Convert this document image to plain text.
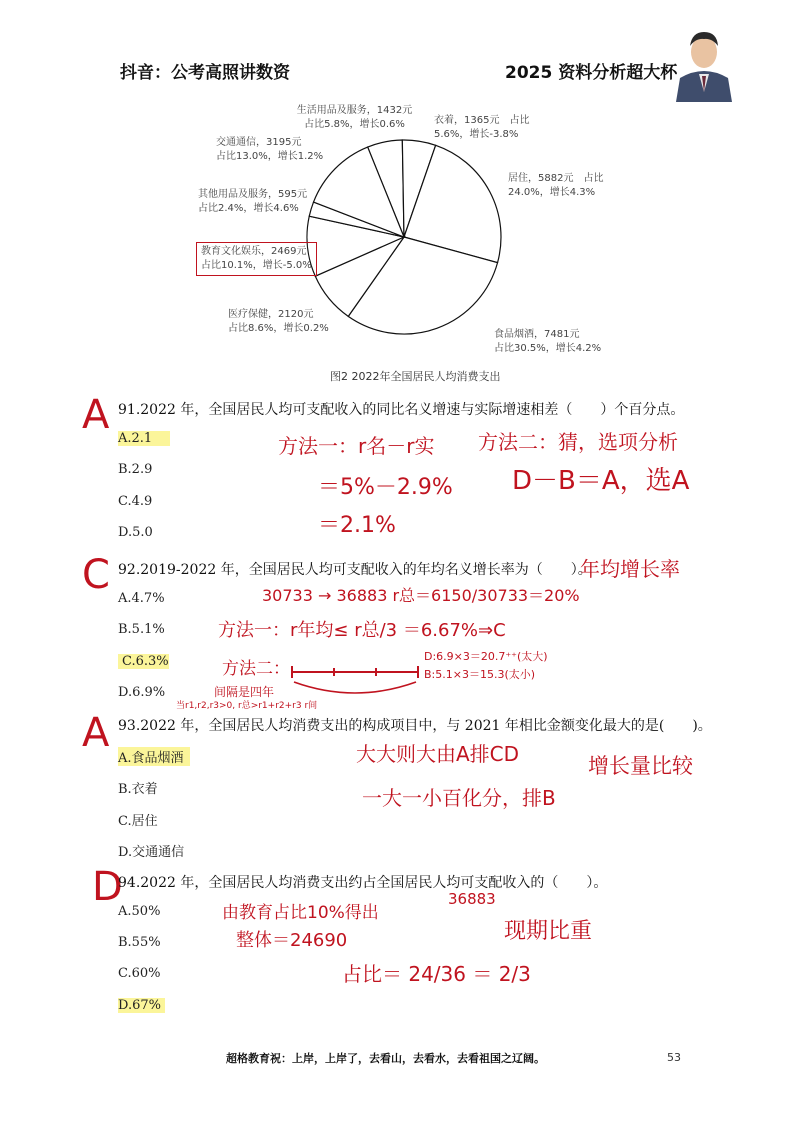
抖音：公考高照讲数资	2025 资料分析超大杯
生活用品及服务，1432元
占比5.8%，增长0.6%	衣着，1365元　占比
5.6%，增长-3.8%
交通通信，3195元
占比13.0%，增长1.2%
居住，5882元　占比
24.0%，增长4.3%
其他用品及服务，595元
占比2.4%，增长4.6%
教育文化娱乐，2469元
占比10.1%，增长-5.0%
医疗保健，2120元
占比8.6%，增长0.2%
食品烟酒，7481元
占比30.5%，增长4.2%
图2 2022年全国居民人均消费支出
A 91.2022 年，全国居民人均可支配收入的同比名义增速与实际增速相差（　　）个百分点。
A.2.1
B.2.9
C.4.9
D.5.0
方法一：r名－r实 方法二：猜，选项分析
＝5%－2.9% D－B＝A，选A
＝2.1%
C 92.2019-2022 年，全国居民人均可支配收入的年均名义增长率为（　　）。
年均增长率
A.4.7%
B.5.1%
C.6.3%
D.6.9%
30733 → 36883 r总＝6150/30733＝20%
方法一：r年均≤ r总/3 ＝6.67%⇒C
方法二：
D:6.9×3＝20.7⁺⁺(太大)
B:5.1×3＝15.3(太小)
间隔是四年
当r1,r2,r3>0, r总>r1+r2+r3 r间
A 93.2022 年，全国居民人均消费支出的构成项目中，与 2021 年相比金额变化最大的是(　　)。
A.食品烟酒
B.衣着
C.居住
D.交通通信
大大则大由A排CD	增长量比较
一大一小百化分，排B
D
94.2022 年，全国居民人均消费支出约占全国居民人均可支配收入的（　　）。
A.50%
B.55%
C.60%
D.67%
由教育占比10%得出
36883
整体＝24690	现期比重
占比＝ 24/36 ＝ 2/3
超格教育祝：上岸，上岸了，去看山，去看水，去看祖国之辽阔。	53
